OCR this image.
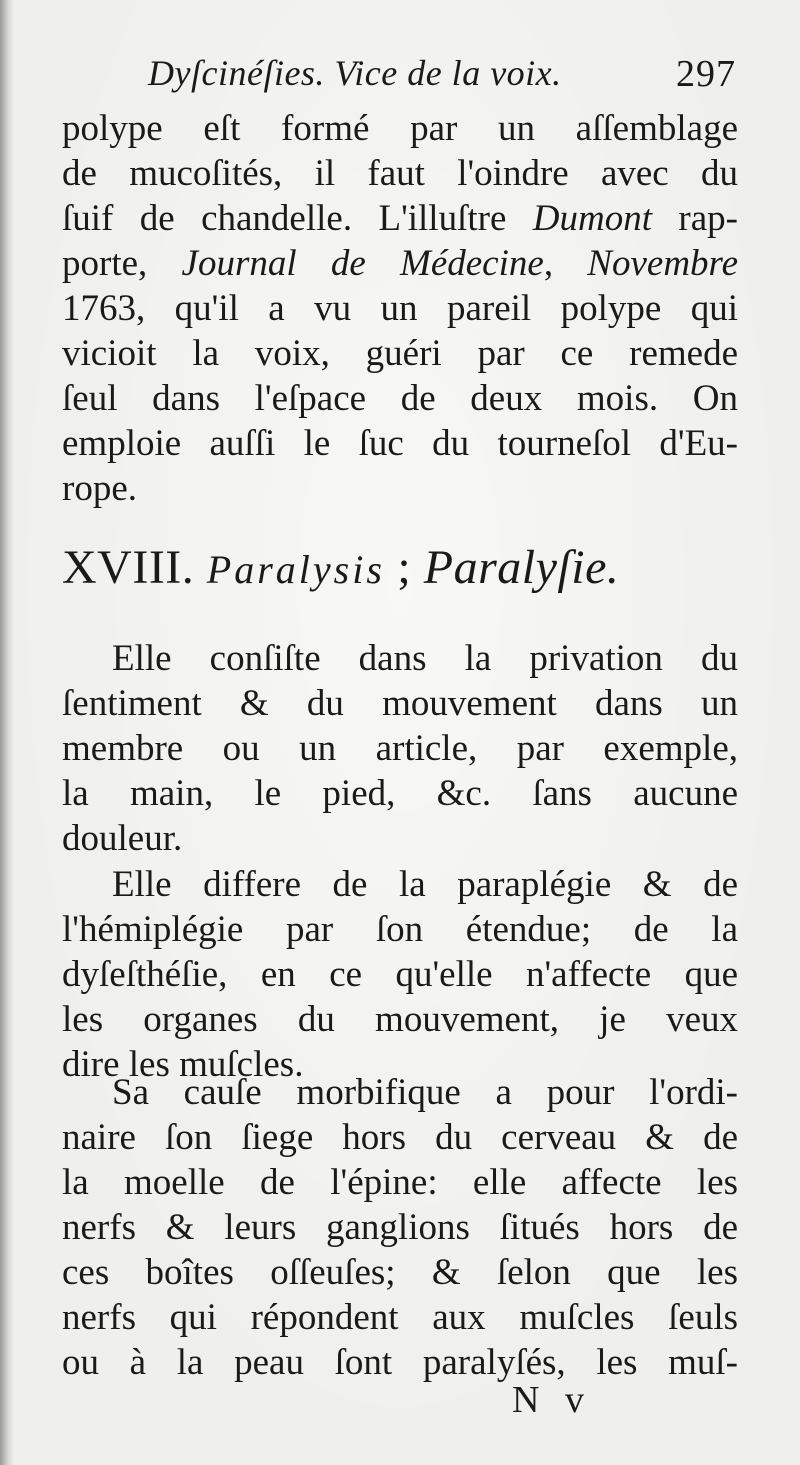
Dyſcinéſies. Vice de la voix.	297
polype eſt formé par un aſſemblage
de mucoſités, il faut l'oindre avec du
ſuif de chandelle. L'illuſtre Dumont rap-
porte, Journal de Médecine, Novembre
1763, qu'il a vu un pareil polype qui
vicioit la voix, guéri par ce remede
ſeul dans l'eſpace de deux mois. On
emploie auſſi le ſuc du tourneſol d'Eu-
rope.
XVIII. Paralysis ; Paralyſie.
Elle conſiſte dans la privation du
ſentiment & du mouvement dans un
membre ou un article, par exemple,
la main, le pied, &c. ſans aucune
douleur.
Elle differe de la paraplégie & de
l'hémiplégie par ſon étendue; de la
dyſeſthéſie, en ce qu'elle n'affecte que
les organes du mouvement, je veux
dire les muſcles.
Sa cauſe morbifique a pour l'ordi-
naire ſon ſiege hors du cerveau & de
la moelle de l'épine: elle affecte les
nerfs & leurs ganglions ſitués hors de
ces boîtes oſſeuſes; & ſelon que les
nerfs qui répondent aux muſcles ſeuls
ou à la peau ſont paralyſés, les muſ-
N v
